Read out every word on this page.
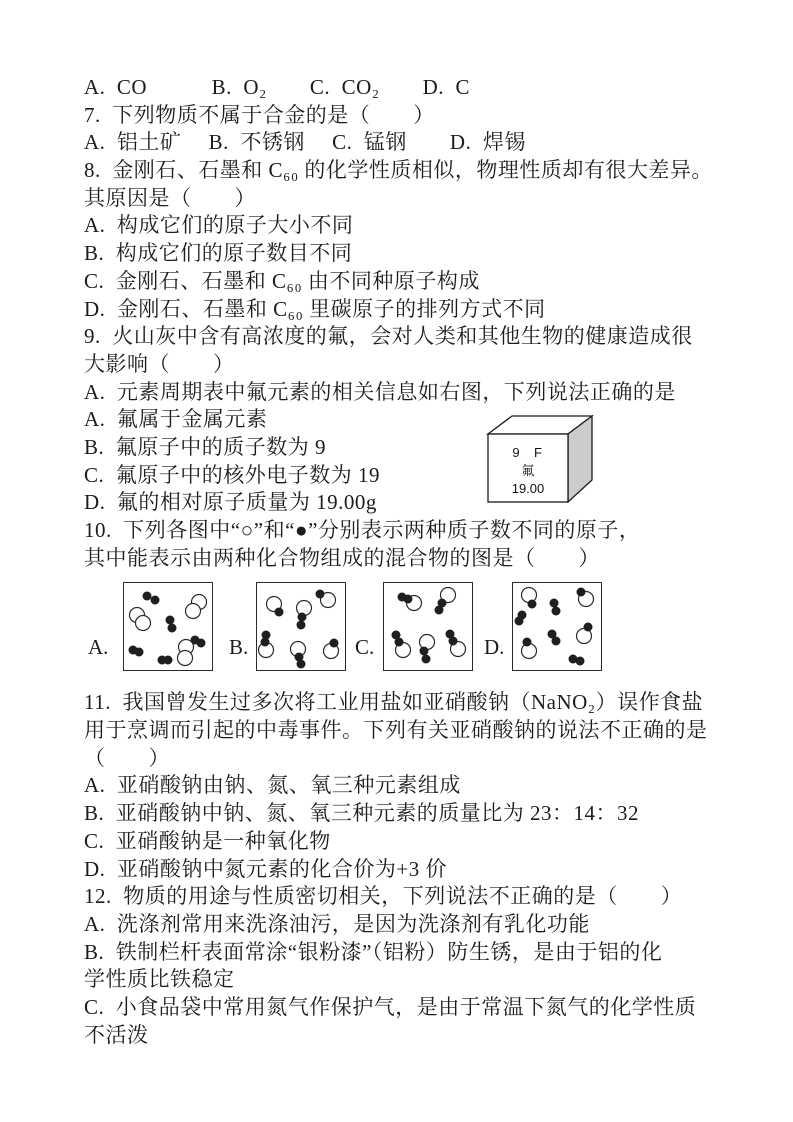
A.  CO　　　B.  O₂　　C.  CO₂　　D.  C
7.  下列物质不属于合金的是（　　）
A.  铝土矿　 B.  不锈钢　 C.  锰钢　　D.  焊锡
8.  金刚石、石墨和 C₆₀ 的化学性质相似，物理性质却有很大差异。
其原因是（　　）
A.  构成它们的原子大小不同
B.  构成它们的原子数目不同
C.  金刚石、石墨和 C₆₀ 由不同种原子构成
D.  金刚石、石墨和 C₆₀ 里碳原子的排列方式不同
9.  火山灰中含有高浓度的氟，会对人类和其他生物的健康造成很
大影响（　　）
A.  元素周期表中氟元素的相关信息如右图，下列说法正确的是
A.  氟属于金属元素
B.  氟原子中的质子数为 9
C.  氟原子中的核外电子数为 19
D.  氟的相对原子质量为 19.00g
10.  下列各图中“○”和“●”分别表示两种质子数不同的原子，
其中能表示由两种化合物组成的混合物的图是（　　）
A.	B.	C.	D.
11.  我国曾发生过多次将工业用盐如亚硝酸钠（NaNO₂）误作食盐
用于烹调而引起的中毒事件。下列有关亚硝酸钠的说法不正确的是
（　　）
A.  亚硝酸钠由钠、氮、氧三种元素组成
B.  亚硝酸钠中钠、氮、氧三种元素的质量比为 23：14：32
C.  亚硝酸钠是一种氧化物
D.  亚硝酸钠中氮元素的化合价为+3 价
12.  物质的用途与性质密切相关，下列说法不正确的是（　　）
A.  洗涤剂常用来洗涤油污，是因为洗涤剂有乳化功能
B.  铁制栏杆表面常涂“银粉漆”（铝粉）防生锈，是由于铝的化
学性质比铁稳定
C.  小食品袋中常用氮气作保护气，是由于常温下氮气的化学性质
不活泼
9 F
氟
19.00
